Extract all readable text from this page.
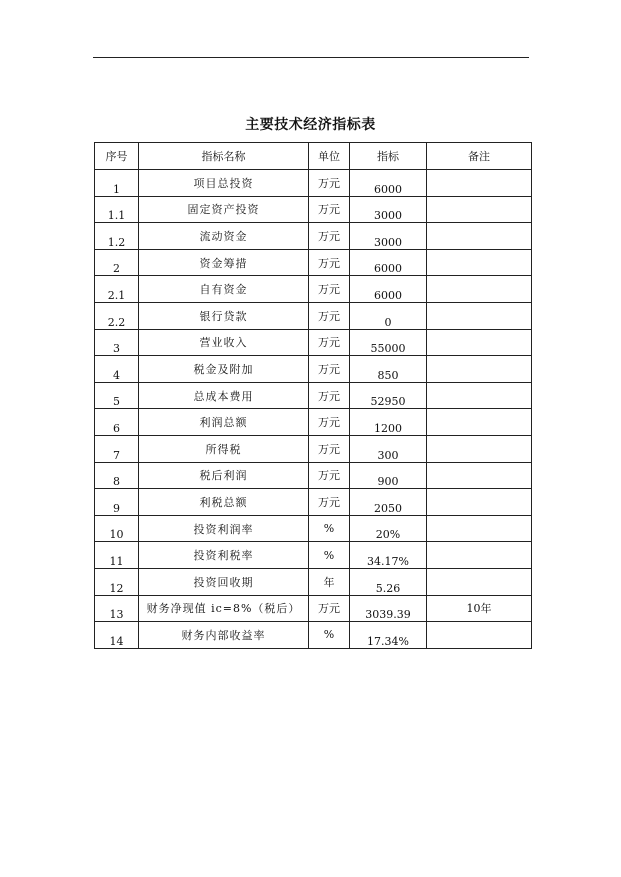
主要技术经济指标表
序号	指标名称	单位	指标	备注
1	项目总投资	万元	6000	
1.1	固定资产投资	万元	3000	
1.2	流动资金	万元	3000	
2	资金筹措	万元	6000	
2.1	自有资金	万元	6000	
2.2	银行贷款	万元	0	
3	营业收入	万元	55000	
4	税金及附加	万元	850	
5	总成本费用	万元	52950	
6	利润总额	万元	1200	
7	所得税	万元	300	
8	税后利润	万元	900	
9	利税总额	万元	2050	
10	投资利润率	%	20%	
11	投资利税率	%	34.17%	
12	投资回收期	年	5.26	
13	财务净现值 ic=8%（税后）	万元	3039.39	10年
14	财务内部收益率	%	17.34%	
